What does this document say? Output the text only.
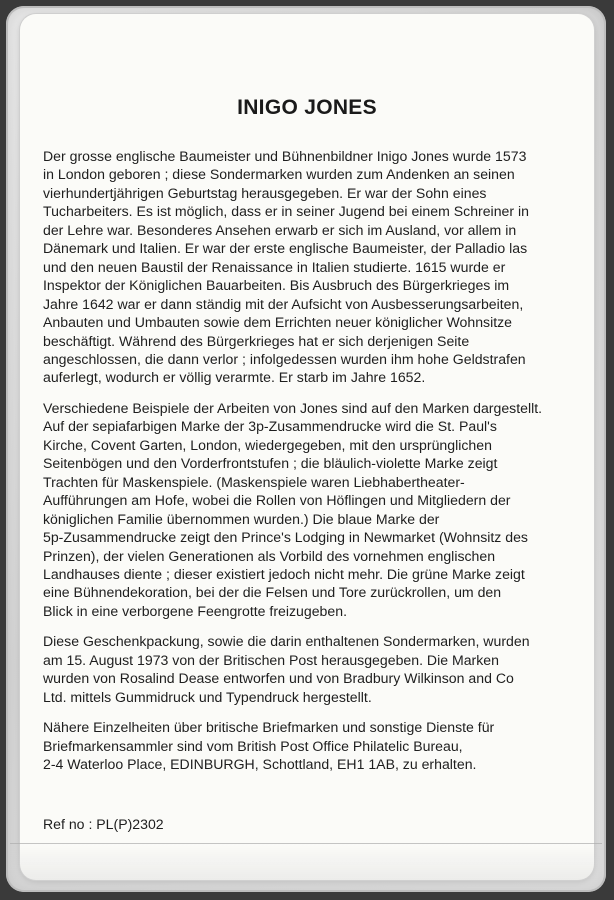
INIGO JONES

Der grosse englische Baumeister und Bühnenbildner Inigo Jones wurde 1573
in London geboren ; diese Sondermarken wurden zum Andenken an seinen
vierhundertjährigen Geburtstag herausgegeben. Er war der Sohn eines
Tucharbeiters. Es ist möglich, dass er in seiner Jugend bei einem Schreiner in
der Lehre war. Besonderes Ansehen erwarb er sich im Ausland, vor allem in
Dänemark und Italien. Er war der erste englische Baumeister, der Palladio las
und den neuen Baustil der Renaissance in Italien studierte. 1615 wurde er
Inspektor der Königlichen Bauarbeiten. Bis Ausbruch des Bürgerkrieges im
Jahre 1642 war er dann ständig mit der Aufsicht von Ausbesserungsarbeiten,
Anbauten und Umbauten sowie dem Errichten neuer königlicher Wohnsitze
beschäftigt. Während des Bürgerkrieges hat er sich derjenigen Seite
angeschlossen, die dann verlor ; infolgedessen wurden ihm hohe Geldstrafen
auferlegt, wodurch er völlig verarmte. Er starb im Jahre 1652.

Verschiedene Beispiele der Arbeiten von Jones sind auf den Marken dargestellt.
Auf der sepiafarbigen Marke der 3p-Zusammendrucke wird die St. Paul's
Kirche, Covent Garten, London, wiedergegeben, mit den ursprünglichen
Seitenbögen und den Vorderfrontstufen ; die bläulich-violette Marke zeigt
Trachten für Maskenspiele. (Maskenspiele waren Liebhabertheater-
Aufführungen am Hofe, wobei die Rollen von Höflingen und Mitgliedern der
königlichen Familie übernommen wurden.) Die blaue Marke der
5p-Zusammendrucke zeigt den Prince's Lodging in Newmarket (Wohnsitz des
Prinzen), der vielen Generationen als Vorbild des vornehmen englischen
Landhauses diente ; dieser existiert jedoch nicht mehr. Die grüne Marke zeigt
eine Bühnendekoration, bei der die Felsen und Tore zurückrollen, um den
Blick in eine verborgene Feengrotte freizugeben.

Diese Geschenkpackung, sowie die darin enthaltenen Sondermarken, wurden
am 15. August 1973 von der Britischen Post herausgegeben. Die Marken
wurden von Rosalind Dease entworfen und von Bradbury Wilkinson and Co
Ltd. mittels Gummidruck und Typendruck hergestellt.

Nähere Einzelheiten über britische Briefmarken und sonstige Dienste für
Briefmarkensammler sind vom British Post Office Philatelic Bureau,
2-4 Waterloo Place, EDINBURGH, Schottland, EH1 1AB, zu erhalten.

Ref no : PL(P)2302
